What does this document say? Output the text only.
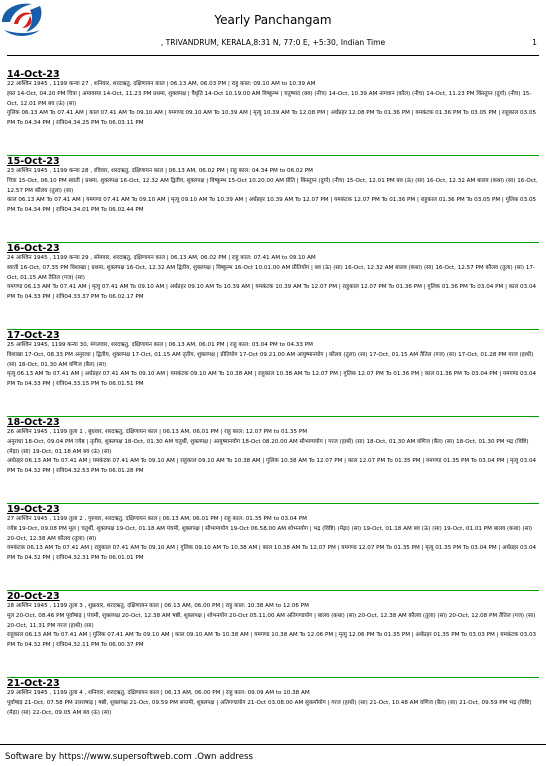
Yearly Panchangam
, TRIVANDRUM, KERALA,8:31 N, 77:0 E, +5:30, Indian Time	1
14-Oct-23
22 आश्विन 1945 , 1199 कन्या 27 , शनिवार, शरदऋतु, दक्षिणायन काल | 06.13 AM, 06.03 PM | राहु काल: 09.10 AM to 10.39 AM
हस्त 14-Oct, 04.20 PM चित्रा | अमावस्या 14-Oct, 11.23 PM प्रथमा, शुक्लपक्ष | वैधृति 14-Oct 10.19.00 AM विष्कुम्भ | चतुष्पाद (बव) (नीच) 14-Oct, 10.39 AM नागवान (कौल) (नीच) 14-Oct, 11.23 PM किंस्तुघ्न (दुर्गा) (नीच) 15-Oct, 12.01 PM बव (ऊं) (सा)
गुलिक 06.13 AM To 07.41 AM | काल 07.41 AM To 09.10 AM | यमगण्ड 09.10 AM To 10.39 AM | मृत्यु 10.39 AM To 12.08 PM | अर्धप्रहर 12.08 PM To 01.36 PM | यमकंटक 01.36 PM To 03.05 PM | राहुकाल 03.05 PM To 04.34 PM | रात्रि04.34.25 PM To 06.03.11 PM
15-Oct-23
23 आश्विन 1945 , 1199 कन्या 28 , रविवार, शरदऋतु, दक्षिणायन काल | 06.13 AM, 06.02 PM | राहु काल: 04.34 PM to 06.02 PM
चित्रा 15-Oct, 06.10 PM स्वाती | प्रथमा, शुक्लपक्ष 16-Oct, 12.32 AM द्वितीय, शुक्लपक्ष | विष्कुम्भ 15-Oct 10.20.00 AM प्रीति | किंस्तुघ्न (दुर्गा) (नीच) 15-Oct, 12.01 PM बव (ऊं) (सा) 16-Oct, 12.32 AM बालव (कथा) (सा) 16-Oct, 12.57 PM कौलव (तुला) (सा)
काल 06.13 AM To 07.41 AM | यमगण्ड 07.41 AM To 09.10 AM | मृत्यु 09.10 AM To 10.39 AM | अर्धप्रहर 10.39 AM To 12.07 PM | यमकंटक 12.07 PM To 01.36 PM | राहुकाल 01.36 PM To 03.05 PM | गुलिक 03.05 PM To 04.34 PM | रात्रि04.34.01 PM To 06.02.44 PM
16-Oct-23
24 आश्विन 1945 , 1199 कन्या 29 , सोमवार, शरदऋतु, दक्षिणायन काल | 06.13 AM, 06.02 PM | राहु काल: 07.41 AM to 09.10 AM
स्वाती 16-Oct, 07.35 PM विशाखा | प्रथमा, शुक्लपक्ष 16-Oct, 12.32 AM द्वितीय, शुक्लपक्ष | विष्कुम्भ 16-Oct 10.01.00 AM प्रीतियोग | बव (ऊं) (सा) 16-Oct, 12.32 AM बालव (कथा) (सा) 16-Oct, 12.57 PM कौलव (तुला) (सा) 17-Oct, 01.15 AM तैतिल (गज) (सा)
यमगण्ड 06.13 AM To 07.41 AM | मृत्यु 07.41 AM To 09.10 AM | अर्धप्रहर 09.10 AM To 10.39 AM | यमकंटक 10.39 AM To 12.07 PM | राहुकाल 12.07 PM To 01.36 PM | गुलिक 01.36 PM To 03.04 PM | काल 03.04 PM To 04.33 PM | रात्रि04.33.37 PM To 06.02.17 PM
17-Oct-23
25 आश्विन 1945, 1199 कन्या 30, मंगलवार, शरदऋतु, दक्षिणायन काल | 06.13 AM, 06.01 PM | राहु काल: 03.04 PM to 04.33 PM
विशाखा 17-Oct, 08.33 PM अनुराधा | द्वितीय, शुक्लपक्ष 17-Oct, 01.15 AM तृतीय, शुक्लपक्ष | प्रीतियोग 17-Oct 09.21.00 AM आयुष्मानयोग | कौलव (तुला) (सा) 17-Oct, 01.15 AM तैतिल (गज) (सा) 17-Oct, 01.28 PM गरज (हाथी) (सा) 18-Oct, 01.30 AM वणिज (बैल) (सा)
मृत्यु 06.13 AM To 07.41 AM | अर्धप्रहर 07.41 AM To 09.10 AM | यमकंटक 09.10 AM To 10.38 AM | राहुकाल 10.38 AM To 12.07 PM | गुलिक 12.07 PM To 01.36 PM | काल 01.36 PM To 03.04 PM | यमगण्ड 03.04 PM To 04.33 PM | रात्रि04.33.15 PM To 06.01.51 PM
18-Oct-23
26 आश्विन 1945 , 1199 तुला 1 , बुधवार, शरदऋतु, दक्षिणायन काल | 06.13 AM, 06.01 PM | राहु काल: 12.07 PM to 01.35 PM
अनुराधा 18-Oct, 09.04 PM ज्येष्ठ | तृतीय, शुक्लपक्ष 18-Oct, 01.30 AM चतुर्थी, शुक्लपक्ष | आयुष्मानयोग 18-Oct 08.20.00 AM सौभाग्ययोग | गरज (हाथी) (सा) 18-Oct, 01.30 AM वणिज (बैल) (सा) 18-Oct, 01.30 PM भद्र (विष्टि) (मेढ़ा) (सा) 19-Oct, 01.18 AM बव (ऊं) (सा)
अर्धप्रहर 06.13 AM To 07.41 AM | यमकंटक 07.41 AM To 09.10 AM | राहुकाल 09.10 AM To 10.38 AM | गुलिक 10.38 AM To 12.07 PM | काल 12.07 PM To 01.35 PM | यमगण्ड 01.35 PM To 03.04 PM | मृत्यु 03.04 PM To 04.32 PM | रात्रि04.32.53 PM To 06.01.28 PM
19-Oct-23
27 आश्विन 1945 , 1199 तुला 2 , गुरुवार, शरदऋतु, दक्षिणायन काल | 06.13 AM, 06.01 PM | राहु काल: 01.35 PM to 03.04 PM
ज्येष्ठ 19-Oct, 09.08 PM मूल | चतुर्थी, शुक्लपक्ष 19-Oct, 01.18 AM पंचमी, शुक्लपक्ष | सौभाग्ययोग 19-Oct 06.58.00 AM शोभनयोग | भद्र (विष्टि) (मेढ़ा) (सा) 19-Oct, 01.18 AM बव (ऊं) (सा) 19-Oct, 01.01 PM बालव (कथा) (सा) 20-Oct, 12.38 AM कौलव (तुला) (सा)
यमकंटक 06.13 AM To 07.41 AM | राहुकाल 07.41 AM To 09.10 AM | गुलिक 09.10 AM To 10.38 AM | काल 10.38 AM To 12.07 PM | यमगण्ड 12.07 PM To 01.35 PM | मृत्यु 01.35 PM To 03.04 PM | अर्धप्रहर 03.04 PM To 04.32 PM | रात्रि04.32.31 PM To 06.01.01 PM
20-Oct-23
28 आश्विन 1945 , 1199 तुला 3 , शुक्रवार, शरदऋतु, दक्षिणायन काल | 06.13 AM, 06.00 PM | राहु काल: 10.38 AM to 12.06 PM
मूल 20-Oct, 08.46 PM पूर्वाषाढ़ | पंचमी, शुक्लपक्ष 20-Oct, 12.38 AM षष्ठी, शुक्लपक्ष | शोभनयोग 20-Oct 05.11.00 AM अतिगण्डयोग | बालव (कथा) (सा) 20-Oct, 12.38 AM कौलव (तुला) (सा) 20-Oct, 12.08 PM तैतिल (गज) (सा) 20-Oct, 11.31 PM गरज (हाथी) (सा)
राहुकाल 06.13 AM To 07.41 AM | गुलिक 07.41 AM To 09.10 AM | काल 09.10 AM To 10.38 AM | यमगण्ड 10.38 AM To 12.06 PM | मृत्यु 12.06 PM To 01.35 PM | अर्धप्रहर 01.35 PM To 03.03 PM | यमकंटक 03.03 PM To 04.32 PM | रात्रि04.32.11 PM To 06.00.37 PM
21-Oct-23
29 आश्विन 1945 , 1199 तुला 4 , शनिवार, शरदऋतु, दक्षिणायन काल | 06.13 AM, 06.00 PM | राहु काल: 09.09 AM to 10.38 AM
पूर्वाषाढ़ 21-Oct, 07.58 PM उत्तराषाढ़ | षष्ठी, शुक्लपक्ष 21-Oct, 09.59 PM सप्तमी, शुक्लपक्ष | अतिगण्डयोग 21-Oct 03.08.00 AM सुकर्मायोग | गरज (हाथी) (सा) 21-Oct, 10.48 AM वणिज (बैल) (सा) 21-Oct, 09.59 PM भद्र (विष्टि) (मेढ़ा) (सा) 22-Oct, 09.05 AM बव (ऊं) (सा)
Software by https://www.supersoftweb.com .Own address
